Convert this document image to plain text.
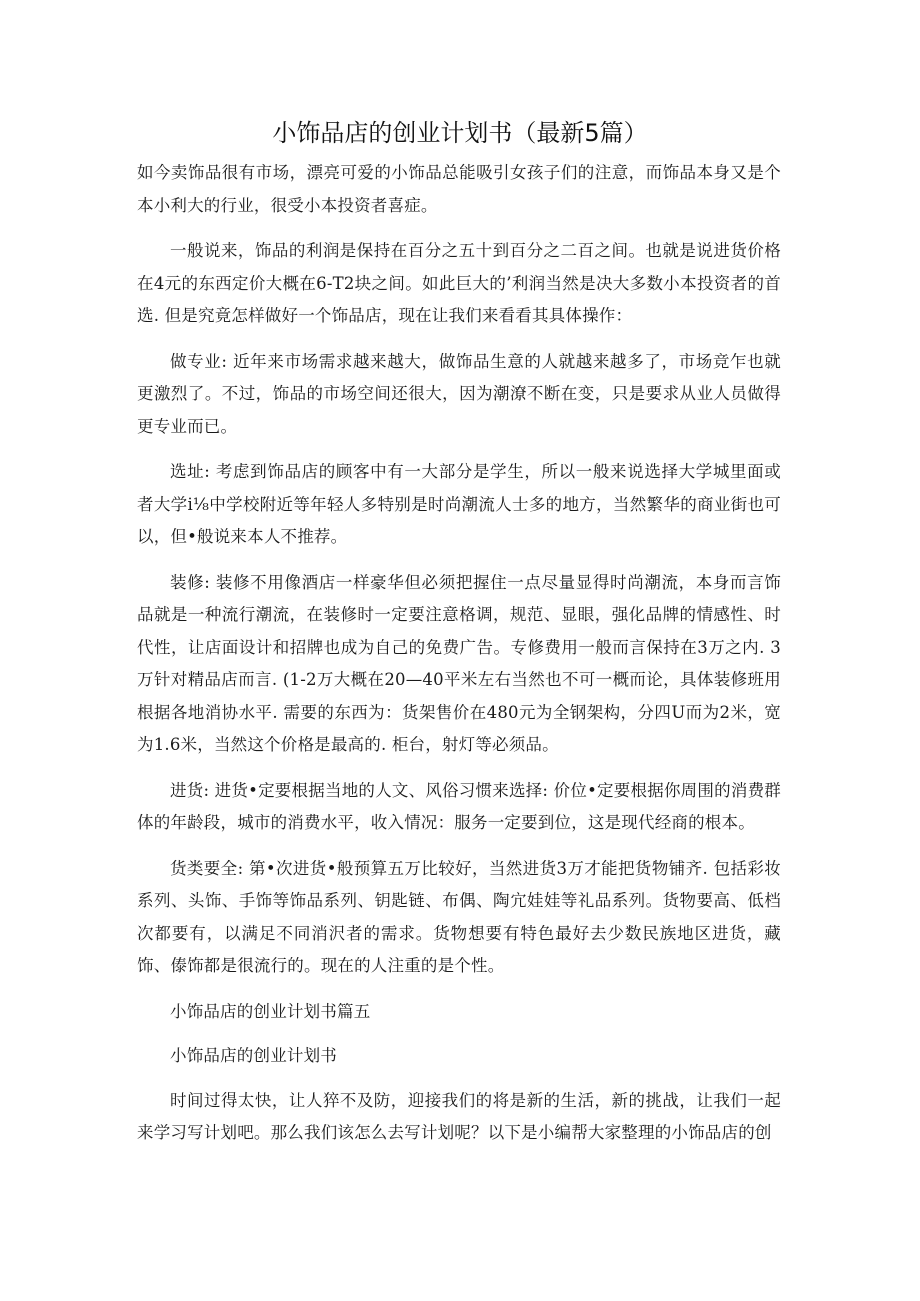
小饰品店的创业计划书（最新5篇）

如今卖饰品很有市场，漂亮可爱的小饰品总能吸引女孩子们的注意，而饰品本身又是个本小利大的行业，很受小本投资者喜症。

一般说来，饰品的利润是保持在百分之五十到百分之二百之间。也就是说进货价格在4元的东西定价大概在6-T2块之间。如此巨大的’利润当然是决大多数小本投资者的首选. 但是究竟怎样做好一个饰品店，现在让我们来看看其具体操作：

做专业: 近年来市场需求越来越大，做饰品生意的人就越来越多了，市场竞乍也就更激烈了。不过，饰品的市场空间还很大，因为潮潦不断在变，只是要求从业人员做得更专业而已。

选址: 考虑到饰品店的顾客中有一大部分是学生，所以一般来说选择大学城里面或者大学i⅛中学校附近等年轻人多特别是时尚潮流人士多的地方，当然繁华的商业街也可以，但•般说来本人不推荐。

装修: 装修不用像酒店一样豪华但必须把握住一点尽量显得时尚潮流，本身而言饰品就是一种流行潮流，在装修时一定要注意格调，规范、显眼，强化品牌的情感性、时代性，让店面设计和招牌也成为自己的免费广告。专修费用一般而言保持在3万之内. 3万针对精品店而言. (1-2万大概在20—40平米左右当然也不可一概而论，具体装修班用根据各地消协水平. 需要的东西为：货架售价在480元为全钢架构，分四U而为2米，宽为1.6米，当然这个价格是最高的. 柜台，射灯等必须品。

进货: 进货•定要根据当地的人文、风俗习惯来选择: 价位•定要根据你周围的消费群体的年龄段，城市的消费水平，收入情况：服务一定要到位，这是现代经商的根本。

货类要全: 第•次进货•般预算五万比较好，当然进货3万才能把货物铺齐. 包括彩妆系列、头饰、手饰等饰品系列、钥匙链、布偶、陶宂娃娃等礼品系列。货物要高、低档次都要有，以满足不同消沢者的需求。货物想要有特色最好去少数民族地区进货，藏饰、傣饰都是很流行的。现在的人注重的是个性。

小饰品店的创业计划书篇五

小饰品店的创业计划书

时间过得太快，让人猝不及防，迎接我们的将是新的生活，新的挑战，让我们一起来学习写计划吧。那么我们该怎么去写计划呢？以下是小编帮大家整理的小饰品店的创
